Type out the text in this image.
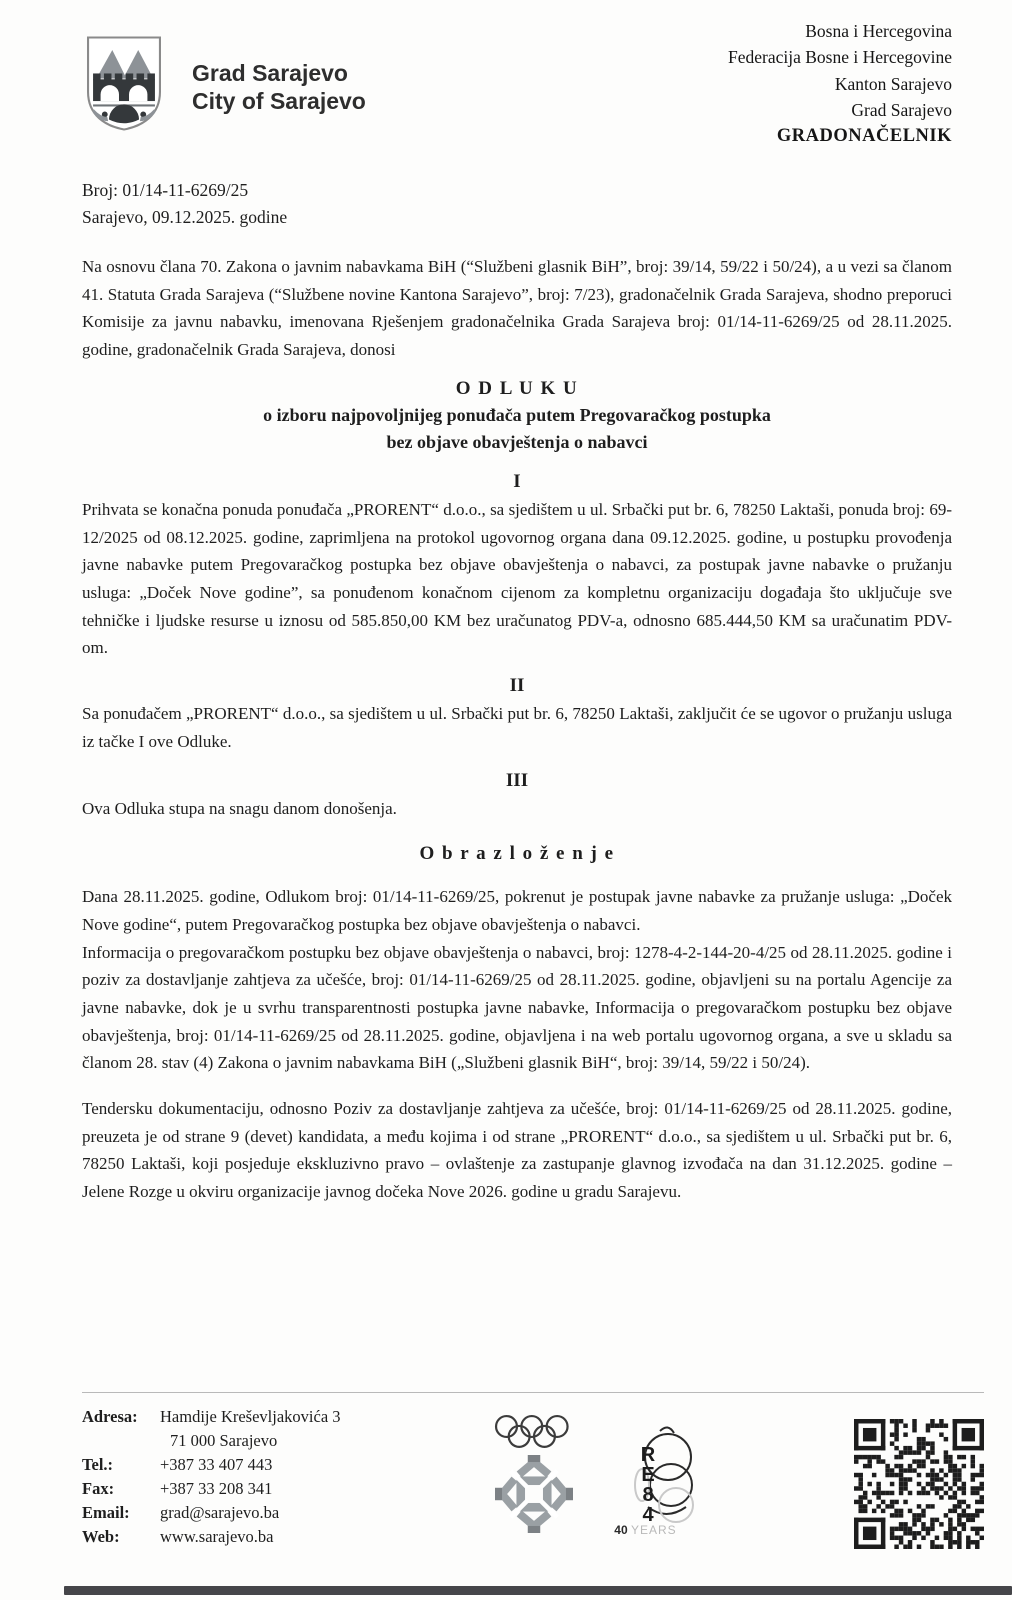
Grad Sarajevo
City of Sarajevo
Bosna i Hercegovina
Federacija Bosne i Hercegovine
Kanton Sarajevo
Grad Sarajevo
GRADONAČELNIK
Broj: 01/14-11-6269/25
Sarajevo, 09.12.2025. godine

Na osnovu člana 70. Zakona o javnim nabavkama BiH (“Službeni glasnik BiH”, broj: 39/14, 59/22 i 50/24), a u vezi sa članom 41. Statuta Grada Sarajeva (“Službene novine Kantona Sarajevo”, broj: 7/23), gradonačelnik Grada Sarajeva, shodno preporuci Komisije za javnu nabavku, imenovana Rješenjem gradonačelnika Grada Sarajeva broj: 01/14-11-6269/25 od 28.11.2025. godine, gradonačelnik Grada Sarajeva, donosi

O D L U K U

o izboru najpovoljnijeg ponuđača putem Pregovaračkog postupka

bez objave obavještenja o nabavci

I

Prihvata se konačna ponuda ponuđača „PRORENT“ d.o.o., sa sjedištem u ul. Srbački put br. 6, 78250 Laktaši, ponuda broj: 69-12/2025 od 08.12.2025. godine, zaprimljena na protokol ugovornog organa dana 09.12.2025. godine, u postupku provođenja javne nabavke putem Pregovaračkog postupka bez objave obavještenja o nabavci, za postupak javne nabavke o pružanju usluga: „Doček Nove godine”, sa ponuđenom konačnom cijenom za kompletnu organizaciju događaja što uključuje sve tehničke i ljudske resurse u iznosu od 585.850,00 KM bez uračunatog PDV-a, odnosno 685.444,50 KM sa uračunatim PDV-om.

II

Sa ponuđačem „PRORENT“ d.o.o., sa sjedištem u ul. Srbački put br. 6, 78250 Laktaši, zaključit će se ugovor o pružanju usluga iz tačke I ove Odluke.

III

Ova Odluka stupa na snagu danom donošenja.

O b r a z l o ž e n j e

Dana 28.11.2025. godine, Odlukom broj: 01/14-11-6269/25, pokrenut je postupak javne nabavke za pružanje usluga: „Doček Nove godine“, putem Pregovaračkog postupka bez objave obavještenja o nabavci.

Informacija o pregovaračkom postupku bez objave obavještenja o nabavci, broj: 1278-4-2-144-20-4/25 od 28.11.2025. godine i poziv za dostavljanje zahtjeva za učešće, broj: 01/14-11-6269/25 od 28.11.2025. godine, objavljeni su na portalu Agencije za javne nabavke, dok je u svrhu transparentnosti postupka javne nabavke, Informacija o pregovaračkom postupku bez objave obavještenja, broj: 01/14-11-6269/25 od 28.11.2025. godine, objavljena i na web portalu ugovornog organa, a sve u skladu sa članom 28. stav (4) Zakona o javnim nabavkama BiH („Službeni glasnik BiH“, broj: 39/14, 59/22 i 50/24).

Tendersku dokumentaciju, odnosno Poziv za dostavljanje zahtjeva za učešće, broj: 01/14-11-6269/25 od 28.11.2025. godine, preuzeta je od strane 9 (devet) kandidata, a među kojima i od strane „PRORENT“ d.o.o., sa sjedištem u ul. Srbački put br. 6, 78250 Laktaši, koji posjeduje ekskluzivno pravo – ovlaštenje za zastupanje glavnog izvođača na dan 31.12.2025. godine – Jelene Rozge u okviru organizacije javnog dočeka Nove 2026. godine u gradu Sarajevu.

Adresa:	Hamdije Kreševljakovića 3
71 000 Sarajevo
Tel.:	+387 33 407 443
Fax:	+387 33 208 341
Email:	grad@sarajevo.ba
Web:	www.sarajevo.ba
R
E
8
4
40 YEARS
